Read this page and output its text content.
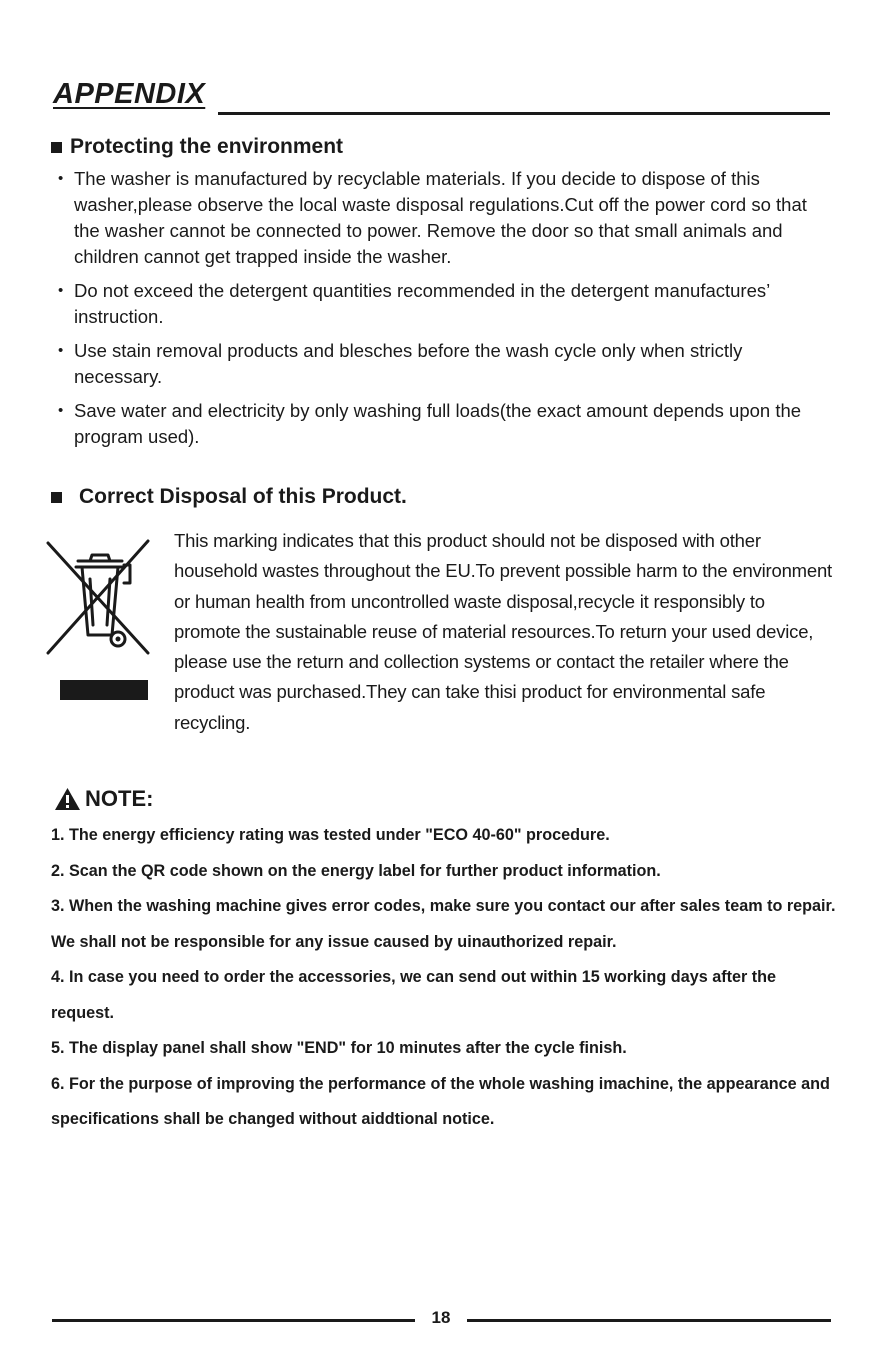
APPENDIX
Protecting the environment
• The washer is manufactured by recyclable materials. If you decide to dispose of this washer,please observe the local waste disposal regulations.Cut off the power cord so that the washer cannot be connected to power. Remove the door so that small animals and children cannot get trapped inside the washer.
• Do not exceed the detergent quantities recommended in the detergent manufactures’ instruction.
• Use stain removal products and blesches before the wash cycle only when strictly necessary.
• Save water and electricity by only washing full loads(the exact amount depends upon the program used).
Correct Disposal of this Product.
This marking indicates that this product should not be disposed with other household wastes throughout the EU.To prevent possible harm to the environment or human health from uncontrolled waste disposal,recycle it responsibly to promote the sustainable reuse of material resources.To return your used device, please use the return and collection systems or contact the retailer where the product was purchased.They can take thisi product for environmental safe recycling.
NOTE:

1. The energy efficiency rating was tested under "ECO 40-60" procedure.

2. Scan the QR code shown on the energy label for further product information.

3. When the washing machine gives error codes, make sure you contact our after sales team to repair. We shall not be responsible for any issue caused by uinauthorized repair.

4. In case you need to order the accessories, we can send out within 15 working days after the request.

5. The display panel shall show "END" for 10 minutes after the cycle finish.

6. For the purpose of improving the performance of the whole washing imachine, the appearance and specifications shall be changed without aiddtional notice.

18
